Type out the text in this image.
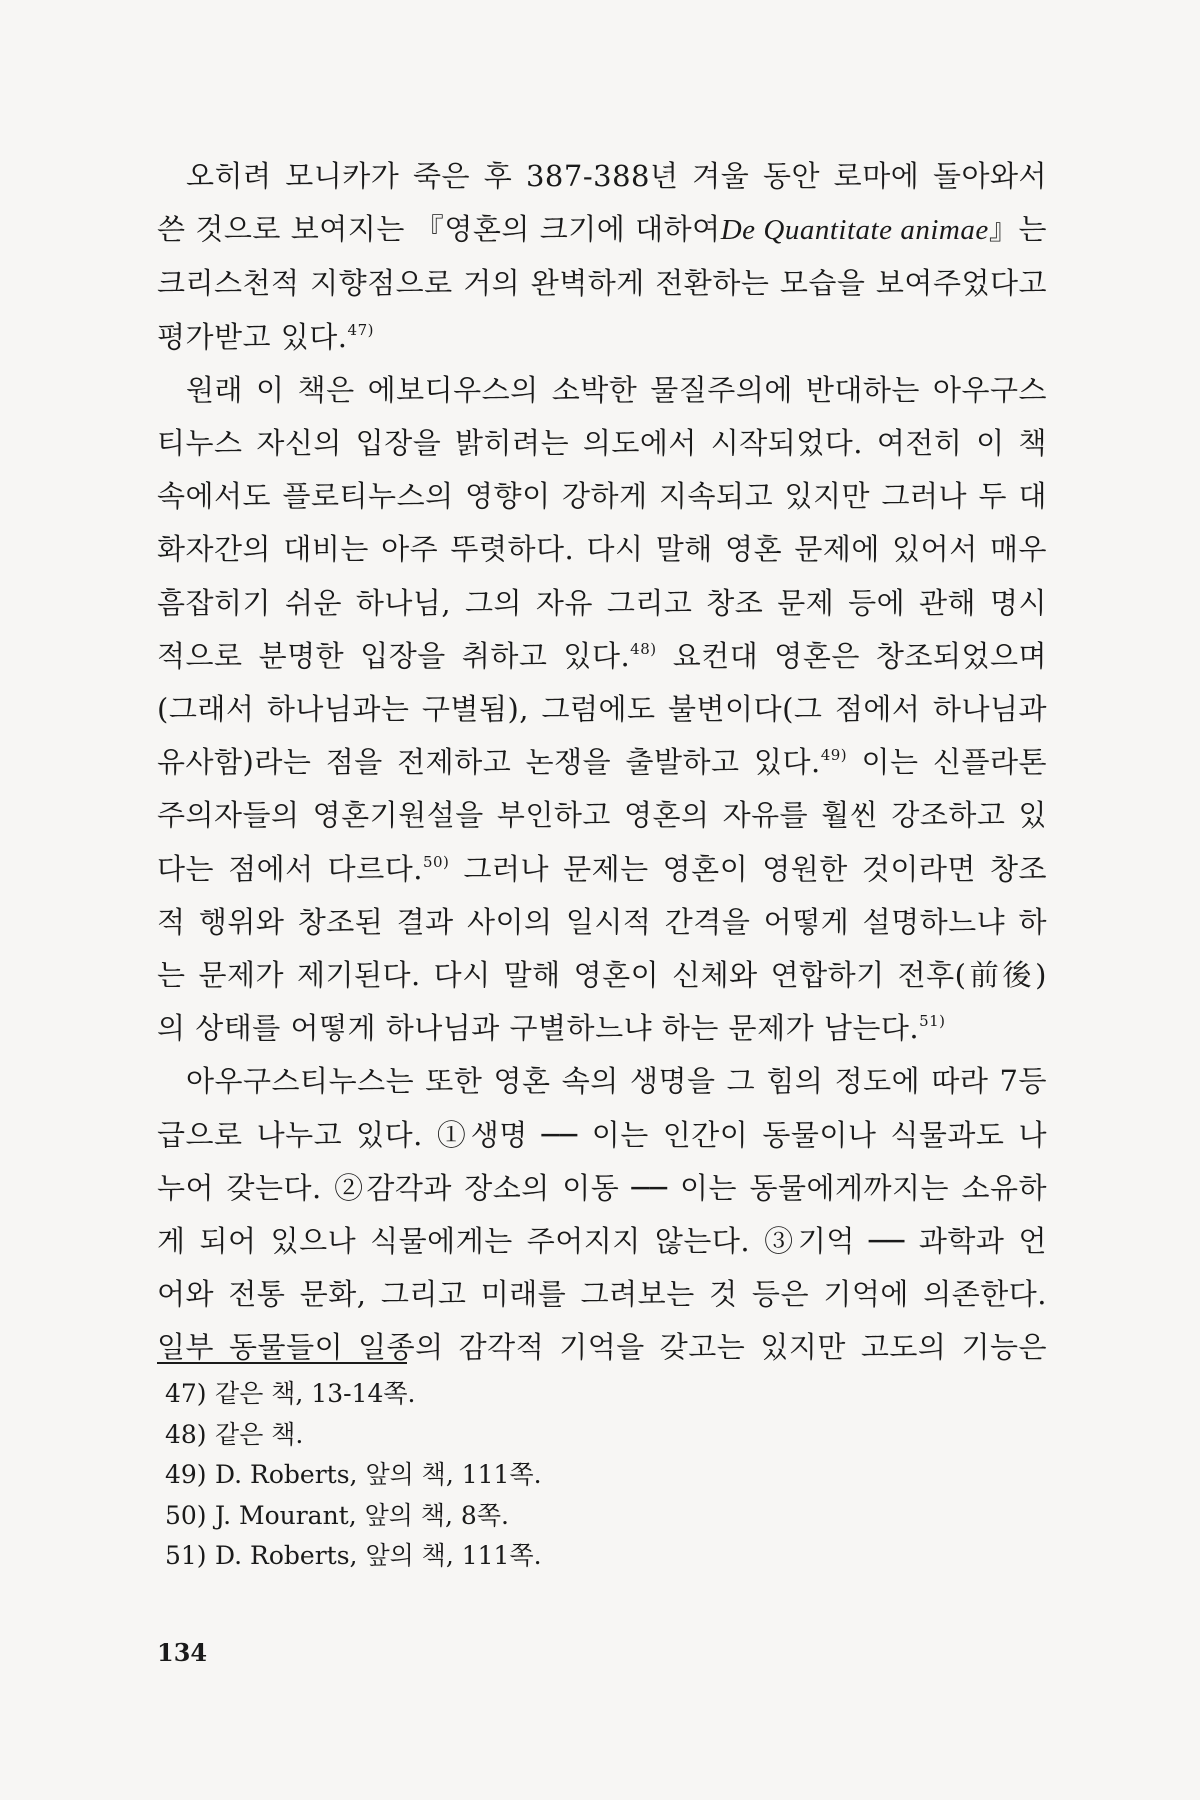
오히려 모니카가 죽은 후 387-388년 겨울 동안 로마에 돌아와서

쓴 것으로 보여지는 『영혼의 크기에 대하여De Quantitate animae』는

크리스천적 지향점으로 거의 완벽하게 전환하는 모습을 보여주었다고

평가받고 있다.$^{47)}$

원래 이 책은 에보디우스의 소박한 물질주의에 반대하는 아우구스

티누스 자신의 입장을 밝히려는 의도에서 시작되었다. 여전히 이 책

속에서도 플로티누스의 영향이 강하게 지속되고 있지만 그러나 두 대

화자간의 대비는 아주 뚜렷하다. 다시 말해 영혼 문제에 있어서 매우

흠잡히기 쉬운 하나님, 그의 자유 그리고 창조 문제 등에 관해 명시

적으로 분명한 입장을 취하고 있다.$^{48)}$ 요컨대 영혼은 창조되었으며

(그래서 하나님과는 구별됨), 그럼에도 불변이다(그 점에서 하나님과

유사함)라는 점을 전제하고 논쟁을 출발하고 있다.$^{49)}$ 이는 신플라톤

주의자들의 영혼기원설을 부인하고 영혼의 자유를 훨씬 강조하고 있

다는 점에서 다르다.$^{50)}$ 그러나 문제는 영혼이 영원한 것이라면 창조

적 행위와 창조된 결과 사이의 일시적 간격을 어떻게 설명하느냐 하

는 문제가 제기된다. 다시 말해 영혼이 신체와 연합하기 전후(前後)

의 상태를 어떻게 하나님과 구별하느냐 하는 문제가 남는다.$^{51)}$

아우구스티누스는 또한 영혼 속의 생명을 그 힘의 정도에 따라 7등

급으로 나누고 있다. ①생명 ── 이는 인간이 동물이나 식물과도 나

누어 갖는다. ②감각과 장소의 이동 ── 이는 동물에게까지는 소유하

게 되어 있으나 식물에게는 주어지지 않는다. ③기억 ── 과학과 언

어와 전통 문화, 그리고 미래를 그려보는 것 등은 기억에 의존한다.

일부 동물들이 일종의 감각적 기억을 갖고는 있지만 고도의 기능은

47) 같은 책, 13-14쪽.
48) 같은 책.
49) D. Roberts, 앞의 책, 111쪽.
50) J. Mourant, 앞의 책, 8쪽.
51) D. Roberts, 앞의 책, 111쪽.
134
